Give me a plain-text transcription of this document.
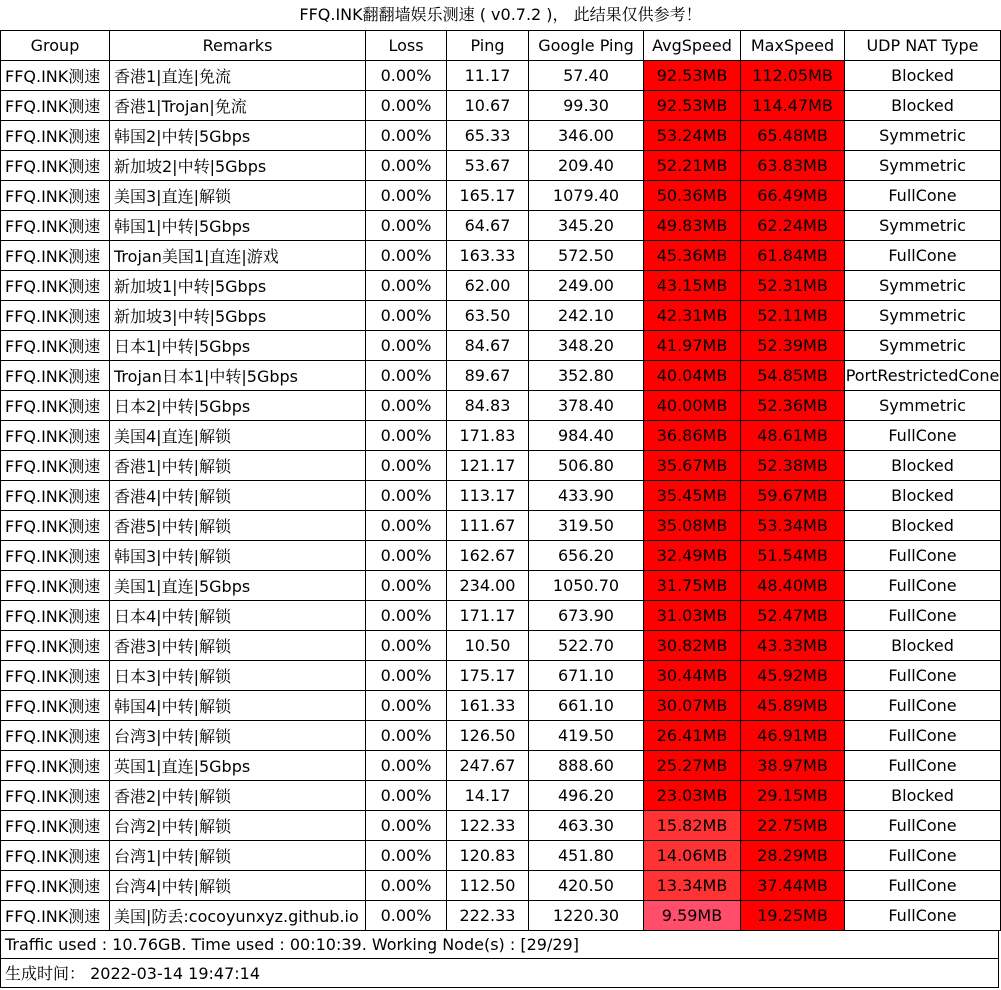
FFQ.INK翻翻墙娱乐测速 ( v0.7.2 )， 此结果仅供参考！
Group	Remarks	Loss	Ping	Google Ping	AvgSpeed	MaxSpeed	UDP NAT Type
FFQ.INK测速	香港1|直连|免流	0.00%	11.17	57.40	92.53MB	112.05MB	Blocked
FFQ.INK测速	香港1|Trojan|免流	0.00%	10.67	99.30	92.53MB	114.47MB	Blocked
FFQ.INK测速	韩国2|中转|5Gbps	0.00%	65.33	346.00	53.24MB	65.48MB	Symmetric
FFQ.INK测速	新加坡2|中转|5Gbps	0.00%	53.67	209.40	52.21MB	63.83MB	Symmetric
FFQ.INK测速	美国3|直连|解锁	0.00%	165.17	1079.40	50.36MB	66.49MB	FullCone
FFQ.INK测速	韩国1|中转|5Gbps	0.00%	64.67	345.20	49.83MB	62.24MB	Symmetric
FFQ.INK测速	Trojan美国1|直连|游戏	0.00%	163.33	572.50	45.36MB	61.84MB	FullCone
FFQ.INK测速	新加坡1|中转|5Gbps	0.00%	62.00	249.00	43.15MB	52.31MB	Symmetric
FFQ.INK测速	新加坡3|中转|5Gbps	0.00%	63.50	242.10	42.31MB	52.11MB	Symmetric
FFQ.INK测速	日本1|中转|5Gbps	0.00%	84.67	348.20	41.97MB	52.39MB	Symmetric
FFQ.INK测速	Trojan日本1|中转|5Gbps	0.00%	89.67	352.80	40.04MB	54.85MB	PortRestrictedCone
FFQ.INK测速	日本2|中转|5Gbps	0.00%	84.83	378.40	40.00MB	52.36MB	Symmetric
FFQ.INK测速	美国4|直连|解锁	0.00%	171.83	984.40	36.86MB	48.61MB	FullCone
FFQ.INK测速	香港1|中转|解锁	0.00%	121.17	506.80	35.67MB	52.38MB	Blocked
FFQ.INK测速	香港4|中转|解锁	0.00%	113.17	433.90	35.45MB	59.67MB	Blocked
FFQ.INK测速	香港5|中转|解锁	0.00%	111.67	319.50	35.08MB	53.34MB	Blocked
FFQ.INK测速	韩国3|中转|解锁	0.00%	162.67	656.20	32.49MB	51.54MB	FullCone
FFQ.INK测速	美国1|直连|5Gbps	0.00%	234.00	1050.70	31.75MB	48.40MB	FullCone
FFQ.INK测速	日本4|中转|解锁	0.00%	171.17	673.90	31.03MB	52.47MB	FullCone
FFQ.INK测速	香港3|中转|解锁	0.00%	10.50	522.70	30.82MB	43.33MB	Blocked
FFQ.INK测速	日本3|中转|解锁	0.00%	175.17	671.10	30.44MB	45.92MB	FullCone
FFQ.INK测速	韩国4|中转|解锁	0.00%	161.33	661.10	30.07MB	45.89MB	FullCone
FFQ.INK测速	台湾3|中转|解锁	0.00%	126.50	419.50	26.41MB	46.91MB	FullCone
FFQ.INK测速	英国1|直连|5Gbps	0.00%	247.67	888.60	25.27MB	38.97MB	FullCone
FFQ.INK测速	香港2|中转|解锁	0.00%	14.17	496.20	23.03MB	29.15MB	Blocked
FFQ.INK测速	台湾2|中转|解锁	0.00%	122.33	463.30	15.82MB	22.75MB	FullCone
FFQ.INK测速	台湾1|中转|解锁	0.00%	120.83	451.80	14.06MB	28.29MB	FullCone
FFQ.INK测速	台湾4|中转|解锁	0.00%	112.50	420.50	13.34MB	37.44MB	FullCone
FFQ.INK测速	美国|防丢:cocoyunxyz.github.io	0.00%	222.33	1220.30	9.59MB	19.25MB	FullCone
Traffic used : 10.76GB. Time used : 00:10:39. Working Node(s) : [29/29]
生成时间： 2022-03-14 19:47:14
